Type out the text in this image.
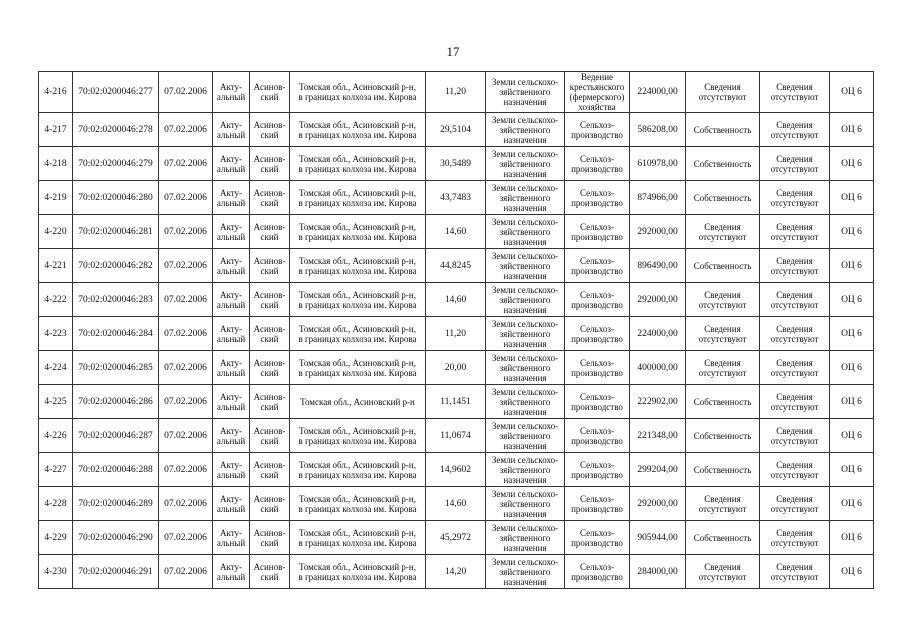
17
4-216	70:02:0200046:277	07.02.2006	Акту-
альный	Асинов-
ский	Томская обл., Асиновский р-н,
в границах колхоза им. Кирова	11,20	Земли сельскохо-
зяйственного
назначения	Ведение
крестьянского
(фермерского)
хозяйства	224000,00	Сведения
отсутствуют	Сведения
отсутствуют	ОЦ 6
4-217	70:02:0200046:278	07.02.2006	Акту-
альный	Асинов-
ский	Томская обл., Асиновский р-н,
в границах колхоза им. Кирова	29,5104	Земли сельскохо-
зяйственного
назначения	Сельхоз-
производство	586208,00	Собственность	Сведения
отсутствуют	ОЦ 6
4-218	70:02:0200046:279	07.02.2006	Акту-
альный	Асинов-
ский	Томская обл., Асиновский р-н,
в границах колхоза им. Кирова	30,5489	Земли сельскохо-
зяйственного
назначения	Сельхоз-
производство	610978,00	Собственность	Сведения
отсутствуют	ОЦ 6
4-219	70:02:0200046:280	07.02.2006	Акту-
альный	Асинов-
ский	Томская обл., Асиновский р-н,
в границах колхоза им. Кирова	43,7483	Земли сельскохо-
зяйственного
назначения	Сельхоз-
производство	874966,00	Собственность	Сведения
отсутствуют	ОЦ 6
4-220	70:02:0200046:281	07.02.2006	Акту-
альный	Асинов-
ский	Томская обл., Асиновский р-н,
в границах колхоза им. Кирова	14,60	Земли сельскохо-
зяйственного
назначения	Сельхоз-
производство	292000,00	Сведения
отсутствуют	Сведения
отсутствуют	ОЦ 6
4-221	70:02:0200046:282	07.02.2006	Акту-
альный	Асинов-
ский	Томская обл., Асиновский р-н,
в границах колхоза им. Кирова	44,8245	Земли сельскохо-
зяйственного
назначения	Сельхоз-
производство	896490,00	Собственность	Сведения
отсутствуют	ОЦ 6
4-222	70:02:0200046:283	07.02.2006	Акту-
альный	Асинов-
ский	Томская обл., Асиновский р-н,
в границах колхоза им. Кирова	14,60	Земли сельскохо-
зяйственного
назначения	Сельхоз-
производство	292000,00	Сведения
отсутствуют	Сведения
отсутствуют	ОЦ 6
4-223	70:02:0200046:284	07.02.2006	Акту-
альный	Асинов-
ский	Томская обл., Асиновский р-н,
в границах колхоза им. Кирова	11,20	Земли сельскохо-
зяйственного
назначения	Сельхоз-
производство	224000,00	Сведения
отсутствуют	Сведения
отсутствуют	ОЦ 6
4-224	70:02:0200046:285	07.02.2006	Акту-
альный	Асинов-
ский	Томская обл., Асиновский р-н,
в границах колхоза им. Кирова	20,00	Земли сельскохо-
зяйственного
назначения	Сельхоз-
производство	400000,00	Сведения
отсутствуют	Сведения
отсутствуют	ОЦ 6
4-225	70:02:0200046:286	07.02.2006	Акту-
альный	Асинов-
ский	Томская обл., Асиновский р-н	11,1451	Земли сельскохо-
зяйственного
назначения	Сельхоз-
производство	222902,00	Собственность	Сведения
отсутствуют	ОЦ 6
4-226	70:02:0200046:287	07.02.2006	Акту-
альный	Асинов-
ский	Томская обл., Асиновский р-н,
в границах колхоза им. Кирова	11,0674	Земли сельскохо-
зяйственного
назначения	Сельхоз-
производство	221348,00	Собственность	Сведения
отсутствуют	ОЦ 6
4-227	70:02:0200046:288	07.02.2006	Акту-
альный	Асинов-
ский	Томская обл., Асиновский р-н,
в границах колхоза им. Кирова	14,9602	Земли сельскохо-
зяйственного
назначения	Сельхоз-
производство	299204,00	Собственность	Сведения
отсутствуют	ОЦ 6
4-228	70:02:0200046:289	07.02.2006	Акту-
альный	Асинов-
ский	Томская обл., Асиновский р-н,
в границах колхоза им. Кирова	14,60	Земли сельскохо-
зяйственного
назначения	Сельхоз-
производство	292000,00	Сведения
отсутствуют	Сведения
отсутствуют	ОЦ 6
4-229	70:02:0200046:290	07.02.2006	Акту-
альный	Асинов-
ский	Томская обл., Асиновский р-н,
в границах колхоза им. Кирова	45,2972	Земли сельскохо-
зяйственного
назначения	Сельхоз-
производство	905944,00	Собственность	Сведения
отсутствуют	ОЦ 6
4-230	70:02:0200046:291	07.02.2006	Акту-
альный	Асинов-
ский	Томская обл., Асиновский р-н,
в границах колхоза им. Кирова	14,20	Земли сельскохо-
зяйственного
назначения	Сельхоз-
производство	284000,00	Сведения
отсутствуют	Сведения
отсутствуют	ОЦ 6
